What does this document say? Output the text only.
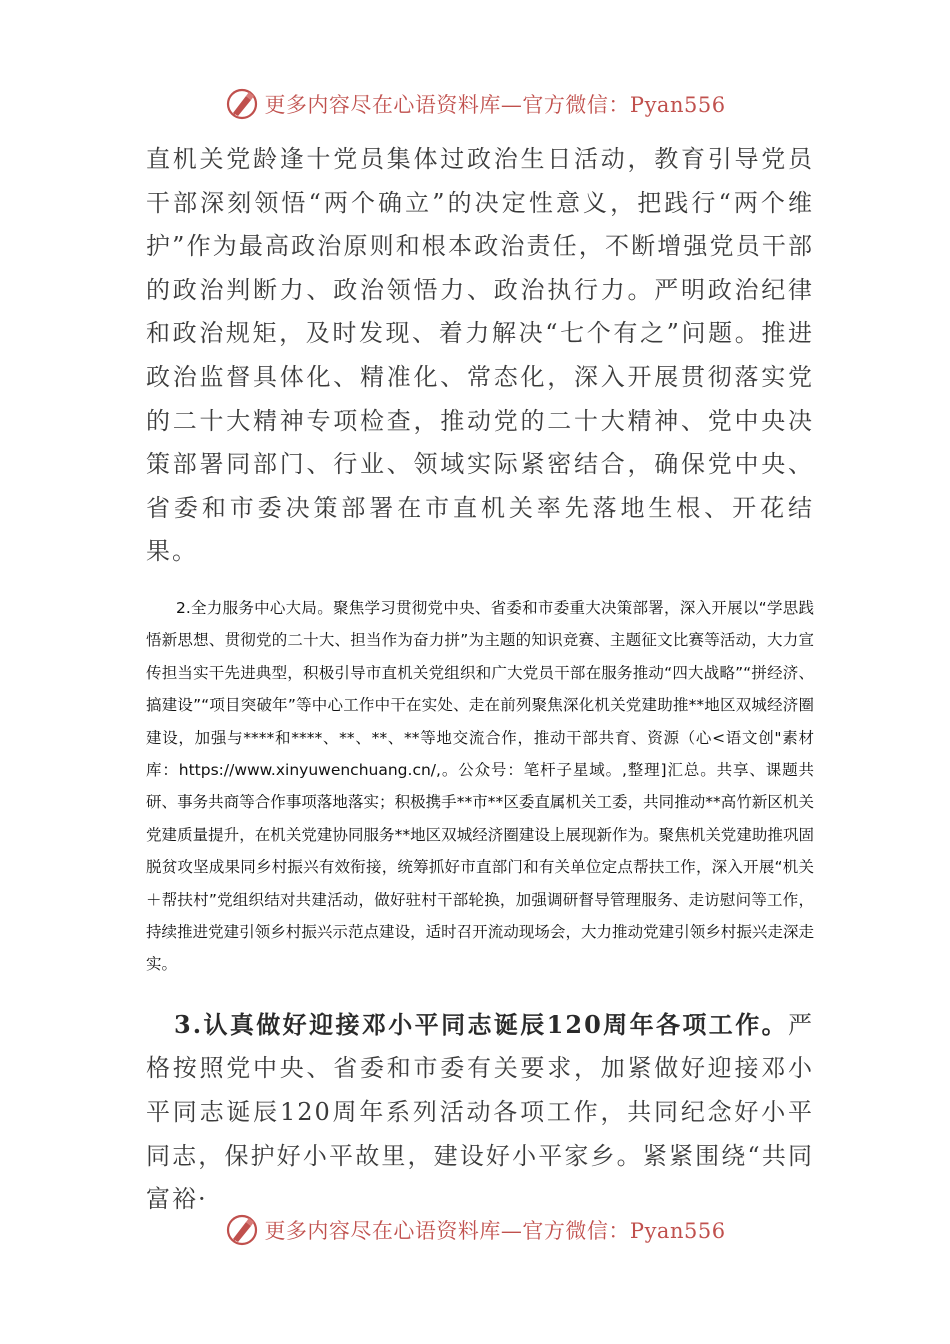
更多内容尽在心语资料库—官方微信：Pyan556

直机关党龄逢十党员集体过政治生日活动，教育引导党员干部深刻领悟“两个确立”的决定性意义，把践行“两个维护”作为最高政治原则和根本政治责任，不断增强党员干部的政治判断力、政治领悟力、政治执行力。严明政治纪律和政治规矩，及时发现、着力解决“七个有之”问题。推进政治监督具体化、精准化、常态化，深入开展贯彻落实党的二十大精神专项检查，推动党的二十大精神、党中央决策部署同部门、行业、领域实际紧密结合，确保党中央、省委和市委决策部署在市直机关率先落地生根、开花结果。

2.全力服务中心大局。聚焦学习贯彻党中央、省委和市委重大决策部署，深入开展以“学思践悟新思想、贯彻党的二十大、担当作为奋力拼”为主题的知识竞赛、主题征文比赛等活动，大力宣传担当实干先进典型，积极引导市直机关党组织和广大党员干部在服务推动“四大战略”“拼经济、搞建设”“项目突破年”等中心工作中干在实处、走在前列聚焦深化机关党建助推**地区双城经济圈建设，加强与****和****、**、**、**等地交流合作，推动干部共育、资源（心<语文创"素材库：https://www.xinyuwenchuang.cn/,。公众号：笔杆子星域。,整理]汇总。共享、课题共研、事务共商等合作事项落地落实；积极携手**市**区委直属机关工委，共同推动**高竹新区机关党建质量提升，在机关党建协同服务**地区双城经济圈建设上展现新作为。聚焦机关党建助推巩固脱贫攻坚成果同乡村振兴有效衔接，统筹抓好市直部门和有关单位定点帮扶工作，深入开展“机关＋帮扶村”党组织结对共建活动，做好驻村干部轮换，加强调研督导管理服务、走访慰问等工作，持续推进党建引领乡村振兴示范点建设，适时召开流动现场会，大力推动党建引领乡村振兴走深走实。

3.认真做好迎接邓小平同志诞辰120周年各项工作。严格按照党中央、省委和市委有关要求，加紧做好迎接邓小平同志诞辰120周年系列活动各项工作，共同纪念好小平同志，保护好小平故里，建设好小平家乡。紧紧围绕“共同富裕·

更多内容尽在心语资料库—官方微信：Pyan556
